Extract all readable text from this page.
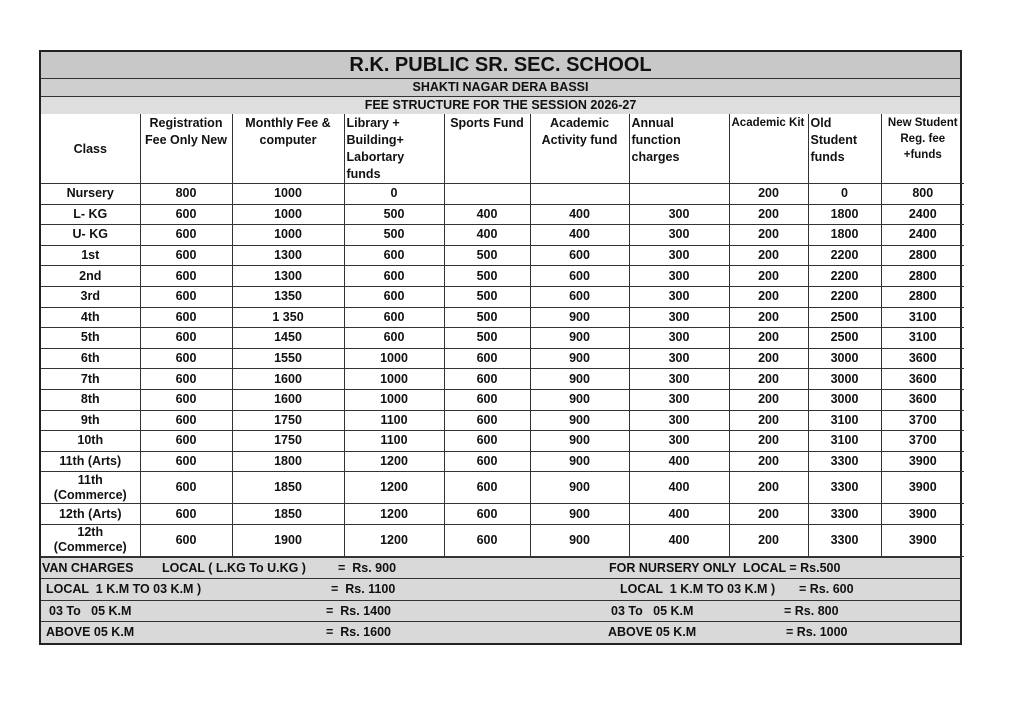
R.K. PUBLIC SR. SEC. SCHOOL
SHAKTI NAGAR DERA BASSI
FEE STRUCTURE FOR THE SESSION 2026-27
Class	Registration Fee Only New	Monthly Fee & computer	Library + Building+ Labortary funds	Sports Fund	Academic Activity fund	Annual function charges	Academic Kit	Old Student funds	New Student Reg. fee +funds
Nursery	800	1000	0				200	0	800
L- KG	600	1000	500	400	400	300	200	1800	2400
U- KG	600	1000	500	400	400	300	200	1800	2400
1st	600	1300	600	500	600	300	200	2200	2800
2nd	600	1300	600	500	600	300	200	2200	2800
3rd	600	1350	600	500	600	300	200	2200	2800
4th	600	1 350	600	500	900	300	200	2500	3100
5th	600	1450	600	500	900	300	200	2500	3100
6th	600	1550	1000	600	900	300	200	3000	3600
7th	600	1600	1000	600	900	300	200	3000	3600
8th	600	1600	1000	600	900	300	200	3000	3600
9th	600	1750	1100	600	900	300	200	3100	3700
10th	600	1750	1100	600	900	300	200	3100	3700
11th (Arts)	600	1800	1200	600	900	400	200	3300	3900
11th (Commerce)	600	1850	1200	600	900	400	200	3300	3900
12th (Arts)	600	1850	1200	600	900	400	200	3300	3900
12th (Commerce)	600	1900	1200	600	900	400	200	3300	3900
VAN CHARGES LOCAL ( L.KG To U.KG )	=  Rs. 900	FOR NURSERY ONLY  LOCAL = Rs.500
LOCAL  1 K.M TO 03 K.M )	=  Rs. 1100	LOCAL  1 K.M TO 03 K.M ) = Rs. 600
03 To   05 K.M	=  Rs. 1400	03 To   05 K.M	= Rs. 800
ABOVE 05 K.M	=  Rs. 1600	ABOVE 05 K.M	= Rs. 1000
